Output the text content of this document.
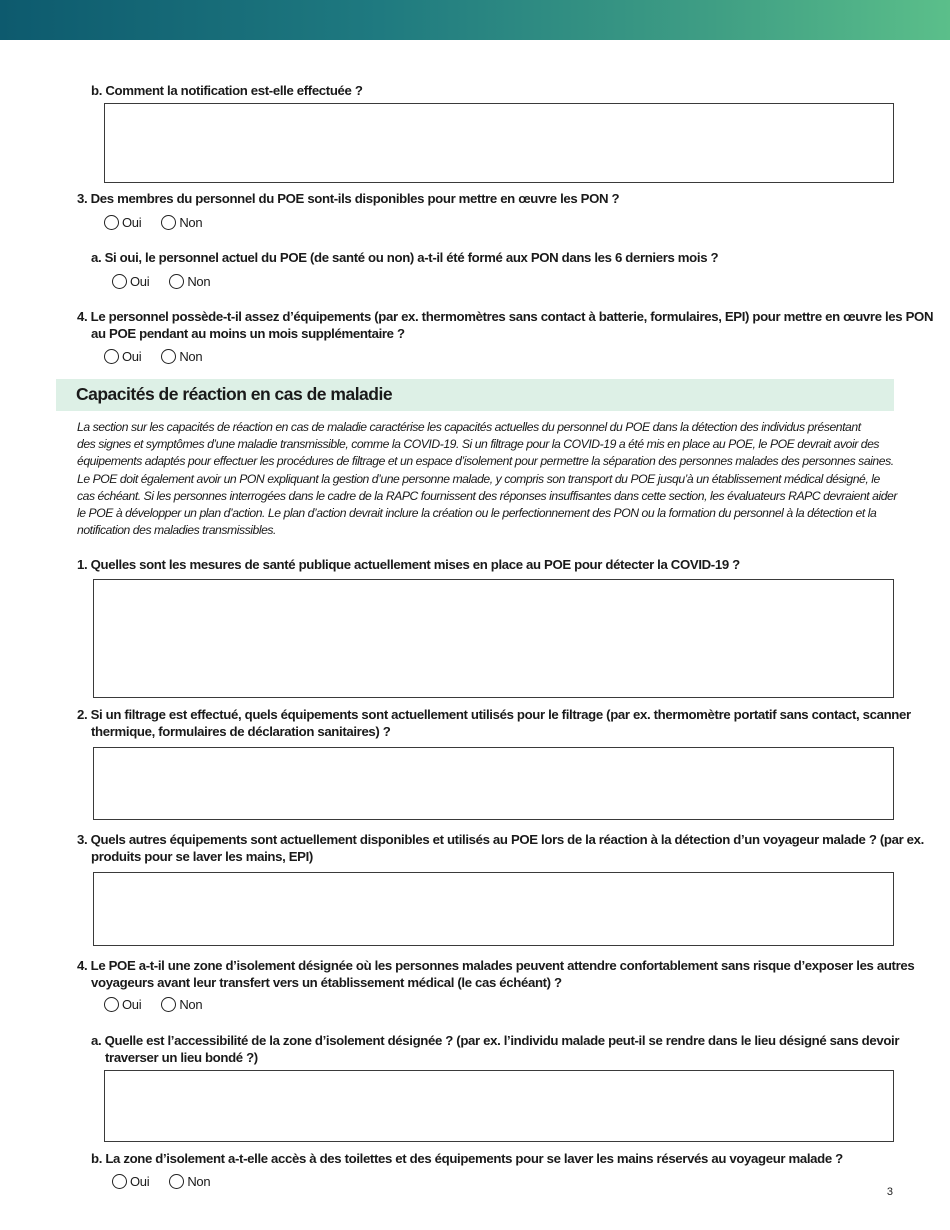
b. Comment la notification est-elle effectuée ?
3. Des membres du personnel du POE sont-ils disponibles pour mettre en œuvre les PON ?
Oui	Non
a. Si oui, le personnel actuel du POE (de santé ou non) a-t-il été formé aux PON dans les 6 derniers mois ?
Oui	Non
4. Le personnel possède-t-il assez d’équipements (par ex. thermomètres sans contact à batterie, formulaires, EPI) pour mettre en œuvre les PON
au POE pendant au moins un mois supplémentaire ?
Oui	Non
Capacités de réaction en cas de maladie
La section sur les capacités de réaction en cas de maladie caractérise les capacités actuelles du personnel du POE dans la détection des individus présentant
des signes et symptômes d’une maladie transmissible, comme la COVID-19. Si un filtrage pour la COVID-19 a été mis en place au POE, le POE devrait avoir des
équipements adaptés pour effectuer les procédures de filtrage et un espace d’isolement pour permettre la séparation des personnes malades des personnes saines.
Le POE doit également avoir un PON expliquant la gestion d’une personne malade, y compris son transport du POE jusqu’à un établissement médical désigné, le
cas échéant. Si les personnes interrogées dans le cadre de la RAPC fournissent des réponses insuffisantes dans cette section, les évaluateurs RAPC devraient aider
le POE à développer un plan d’action. Le plan d’action devrait inclure la création ou le perfectionnement des PON ou la formation du personnel à la détection et la
notification des maladies transmissibles.
1. Quelles sont les mesures de santé publique actuellement mises en place au POE pour détecter la COVID-19 ?
2. Si un filtrage est effectué, quels équipements sont actuellement utilisés pour le filtrage (par ex. thermomètre portatif sans contact, scanner
thermique, formulaires de déclaration sanitaires) ?
3. Quels autres équipements sont actuellement disponibles et utilisés au POE lors de la réaction à la détection d’un voyageur malade ? (par ex.
produits pour se laver les mains, EPI)
4. Le POE a-t-il une zone d’isolement désignée où les personnes malades peuvent attendre confortablement sans risque d’exposer les autres
voyageurs avant leur transfert vers un établissement médical (le cas échéant) ?
Oui	Non
a. Quelle est l’accessibilité de la zone d’isolement désignée ? (par ex. l’individu malade peut-il se rendre dans le lieu désigné sans devoir
traverser un lieu bondé ?)
b. La zone d’isolement a-t-elle accès à des toilettes et des équipements pour se laver les mains réservés au voyageur malade ?
Oui	Non
3
